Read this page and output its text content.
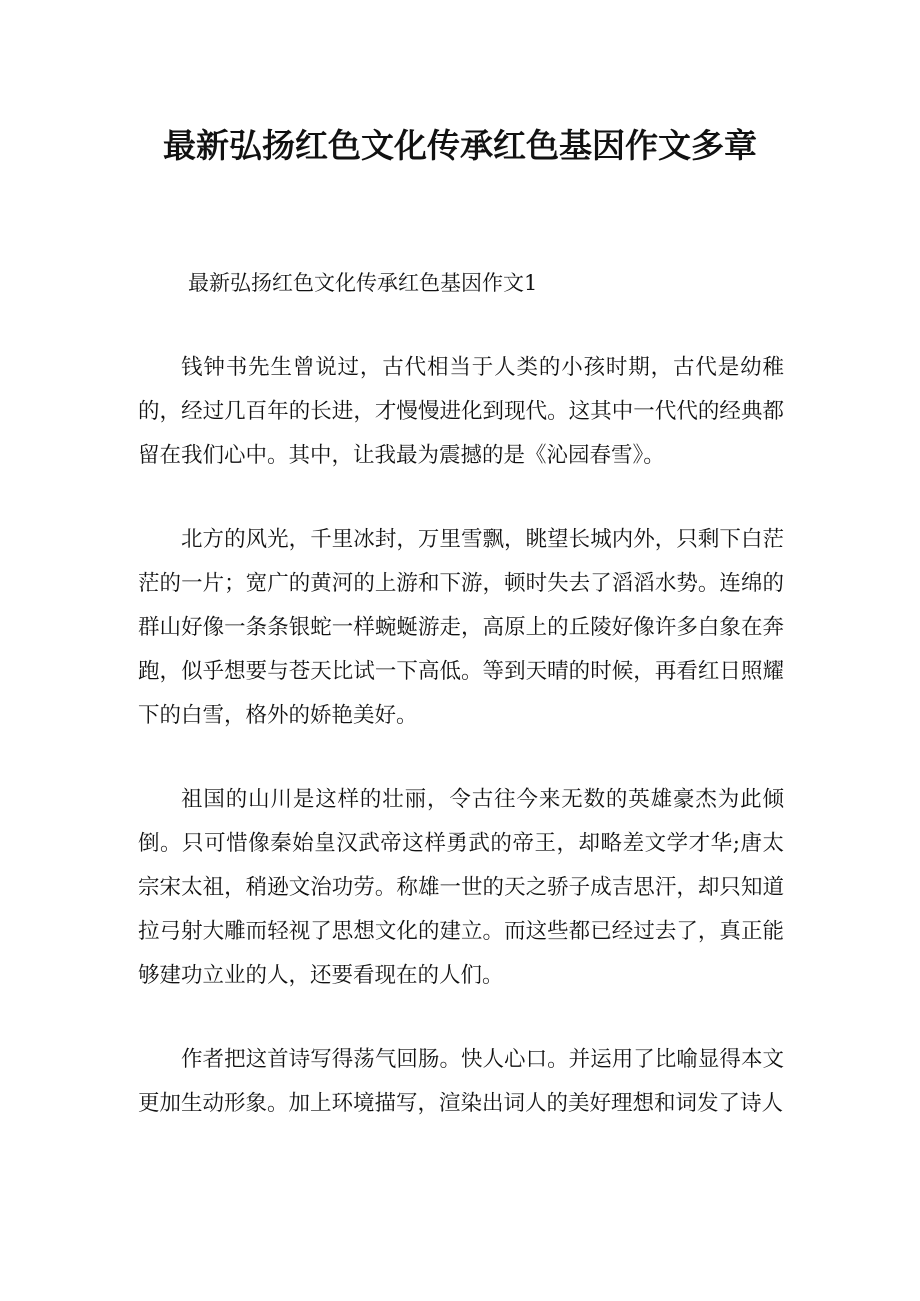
最新弘扬红色文化传承红色基因作文多章

最新弘扬红色文化传承红色基因作文1

钱钟书先生曾说过，古代相当于人类的小孩时期，古代是幼稚的，经过几百年的长进，才慢慢进化到现代。这其中一代代的经典都留在我们心中。其中，让我最为震撼的是《沁园春雪》。

北方的风光，千里冰封，万里雪飘，眺望长城内外，只剩下白茫茫的一片；宽广的黄河的上游和下游，顿时失去了滔滔水势。连绵的群山好像一条条银蛇一样蜿蜒游走，高原上的丘陵好像许多白象在奔跑，似乎想要与苍天比试一下高低。等到天晴的时候，再看红日照耀下的白雪，格外的娇艳美好。

祖国的山川是这样的壮丽，令古往今来无数的英雄豪杰为此倾倒。只可惜像秦始皇汉武帝这样勇武的帝王，却略差文学才华;唐太宗宋太祖，稍逊文治功劳。称雄一世的天之骄子成吉思汗，却只知道拉弓射大雕而轻视了思想文化的建立。而这些都已经过去了，真正能够建功立业的人，还要看现在的人们。

作者把这首诗写得荡气回肠。快人心口。并运用了比喻显得本文更加生动形象。加上环境描写，渲染出词人的美好理想和词发了诗人
